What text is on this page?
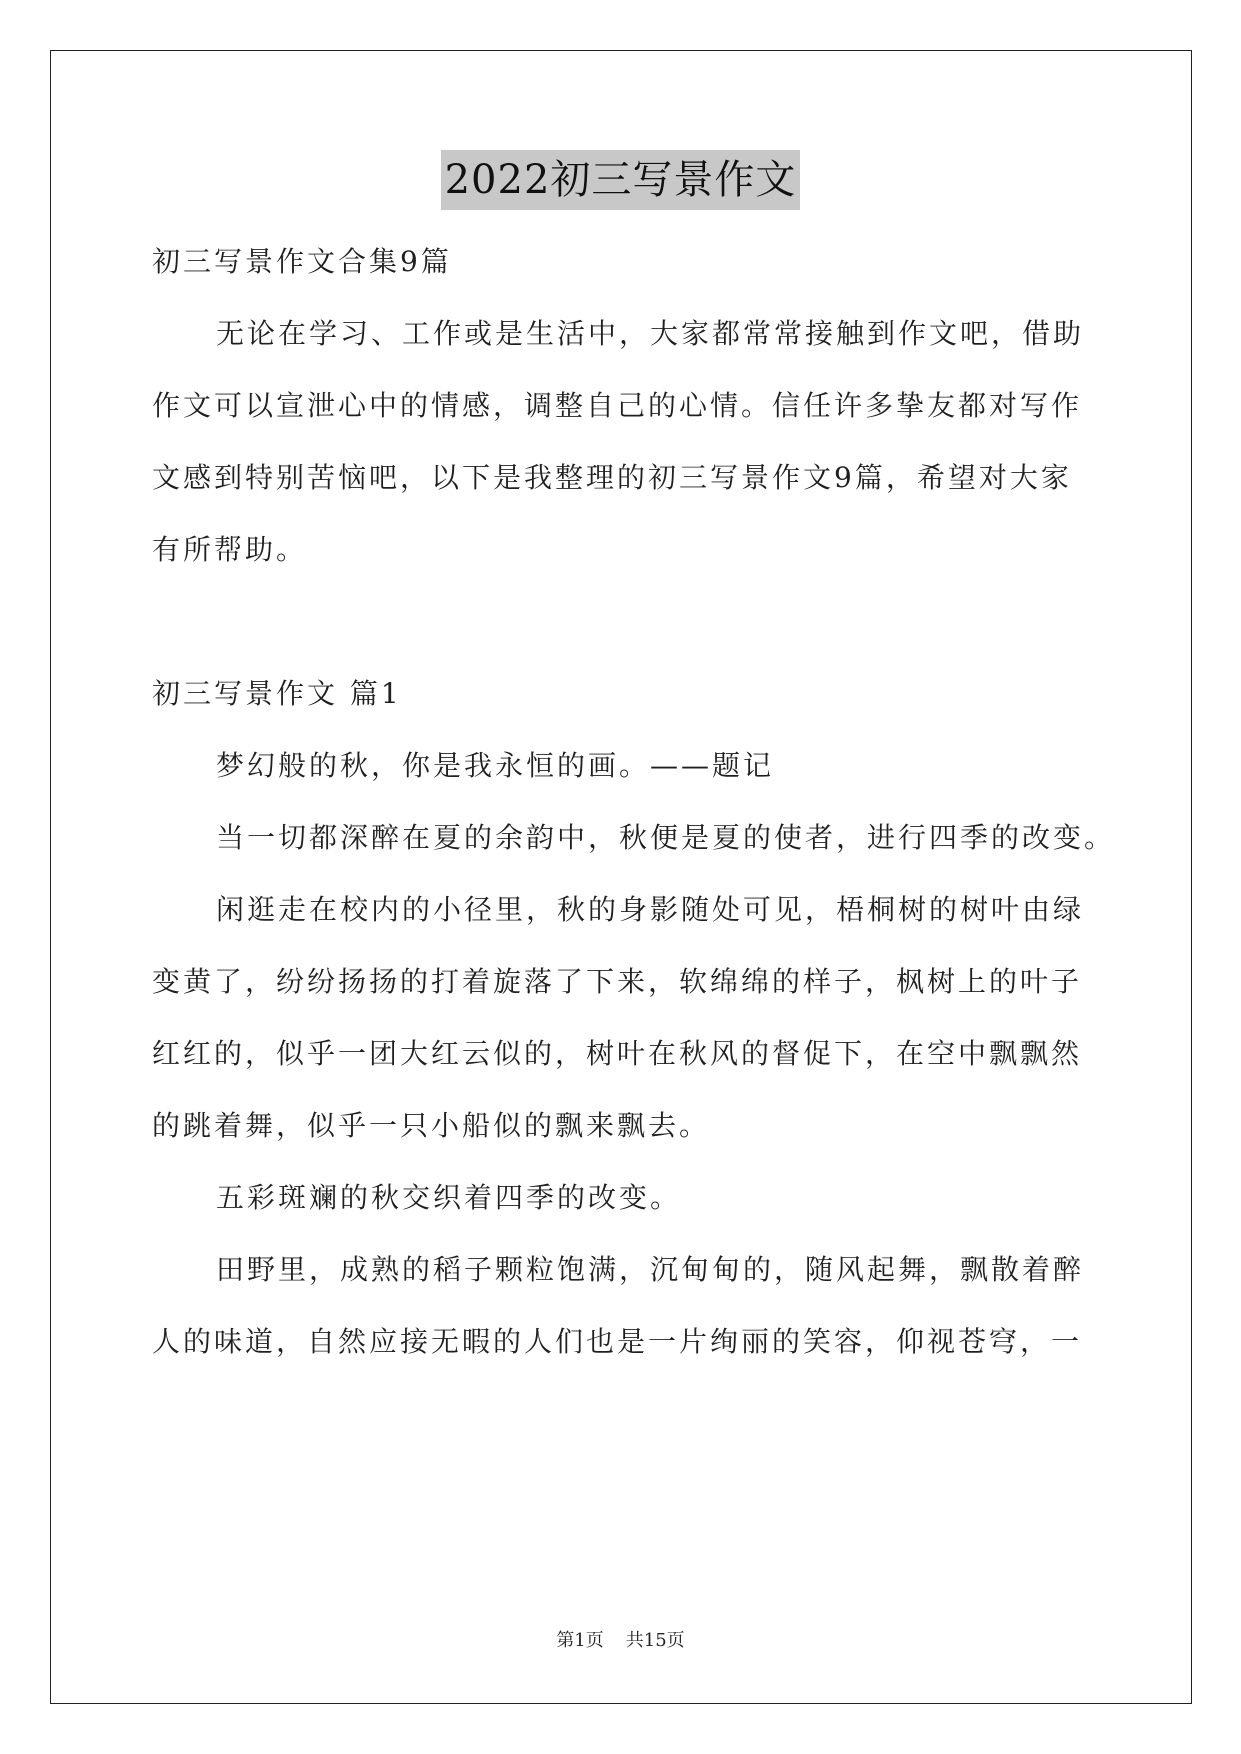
2022初三写景作文
初三写景作文合集9篇
无论在学习、工作或是生活中，大家都常常接触到作文吧，借助
作文可以宣泄心中的情感，调整自己的心情。信任许多挚友都对写作
文感到特别苦恼吧，以下是我整理的初三写景作文9篇，希望对大家
有所帮助。
初三写景作文 篇1
梦幻般的秋，你是我永恒的画。——题记
当一切都深醉在夏的余韵中，秋便是夏的使者，进行四季的改变。
闲逛走在校内的小径里，秋的身影随处可见，梧桐树的树叶由绿
变黄了，纷纷扬扬的打着旋落了下来，软绵绵的样子，枫树上的叶子
红红的，似乎一团大红云似的，树叶在秋风的督促下，在空中飘飘然
的跳着舞，似乎一只小船似的飘来飘去。
五彩斑斓的秋交织着四季的改变。
田野里，成熟的稻子颗粒饱满，沉甸甸的，随风起舞，飘散着醉
人的味道，自然应接无暇的人们也是一片绚丽的笑容，仰视苍穹，一
第1页 共15页
